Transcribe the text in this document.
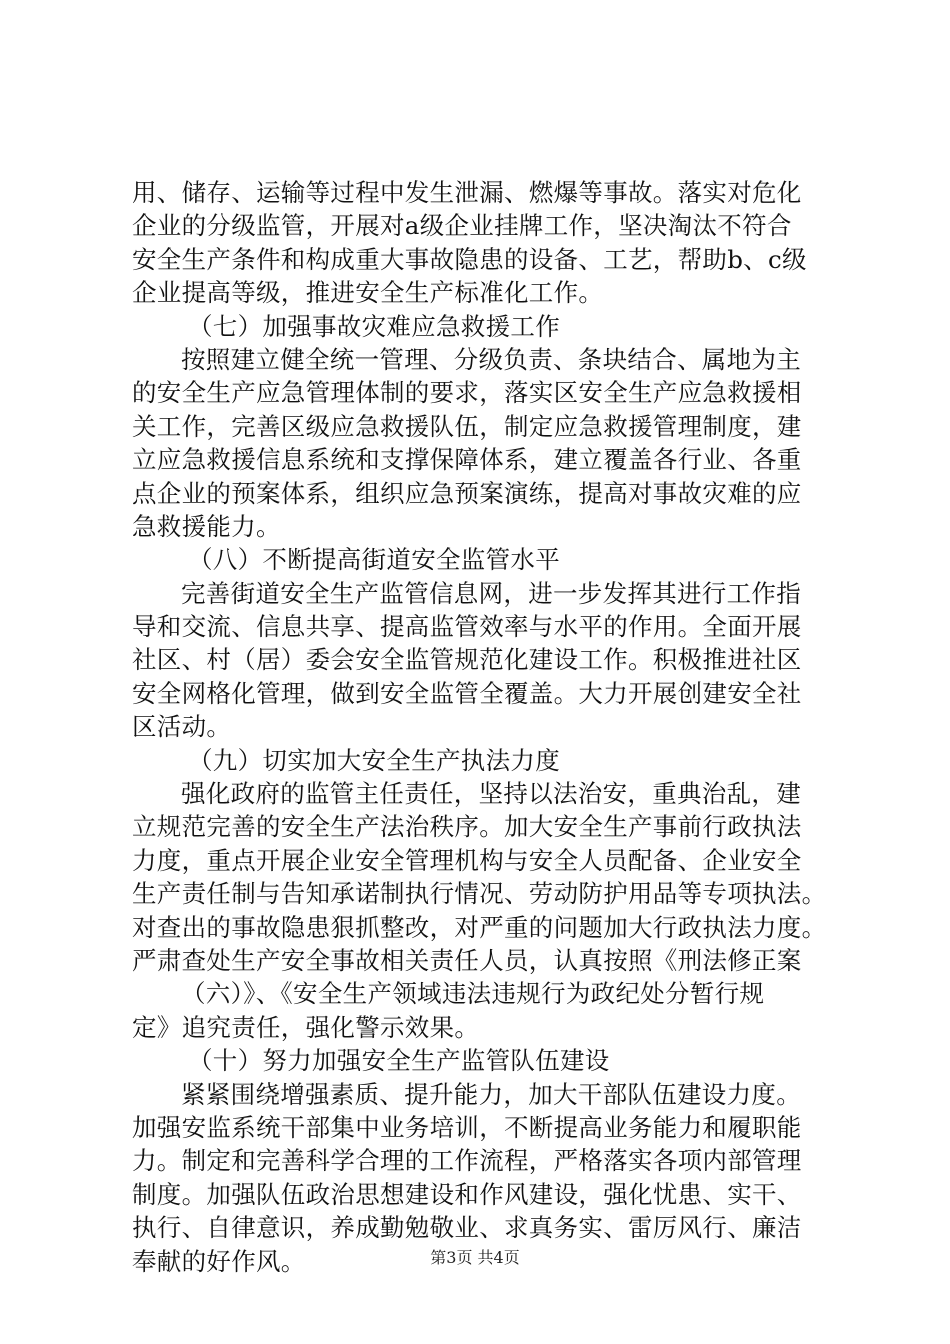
用、储存、运输等过程中发生泄漏、燃爆等事故。落实对危化
企业的分级监管，开展对a级企业挂牌工作，坚决淘汰不符合
安全生产条件和构成重大事故隐患的设备、工艺，帮助b、c级
企业提高等级，推进安全生产标准化工作。
（七）加强事故灾难应急救援工作
按照建立健全统一管理、分级负责、条块结合、属地为主
的安全生产应急管理体制的要求，落实区安全生产应急救援相
关工作，完善区级应急救援队伍，制定应急救援管理制度，建
立应急救援信息系统和支撑保障体系，建立覆盖各行业、各重
点企业的预案体系，组织应急预案演练，提高对事故灾难的应
急救援能力。
（八）不断提高街道安全监管水平
完善街道安全生产监管信息网，进一步发挥其进行工作指
导和交流、信息共享、提高监管效率与水平的作用。全面开展
社区、村（居）委会安全监管规范化建设工作。积极推进社区
安全网格化管理，做到安全监管全覆盖。大力开展创建安全社
区活动。
（九）切实加大安全生产执法力度
强化政府的监管主任责任，坚持以法治安，重典治乱，建
立规范完善的安全生产法治秩序。加大安全生产事前行政执法
力度，重点开展企业安全管理机构与安全人员配备、企业安全
生产责任制与告知承诺制执行情况、劳动防护用品等专项执法。
对查出的事故隐患狠抓整改，对严重的问题加大行政执法力度。
严肃查处生产安全事故相关责任人员，认真按照《刑法修正案
（六）》、《安全生产领域违法违规行为政纪处分暂行规
定》追究责任，强化警示效果。
（十）努力加强安全生产监管队伍建设
紧紧围绕增强素质、提升能力，加大干部队伍建设力度。
加强安监系统干部集中业务培训，不断提高业务能力和履职能
力。制定和完善科学合理的工作流程，严格落实各项内部管理
制度。加强队伍政治思想建设和作风建设，强化忧患、实干、
执行、自律意识，养成勤勉敬业、求真务实、雷厉风行、廉洁
奉献的好作风。	第3页 共4页
